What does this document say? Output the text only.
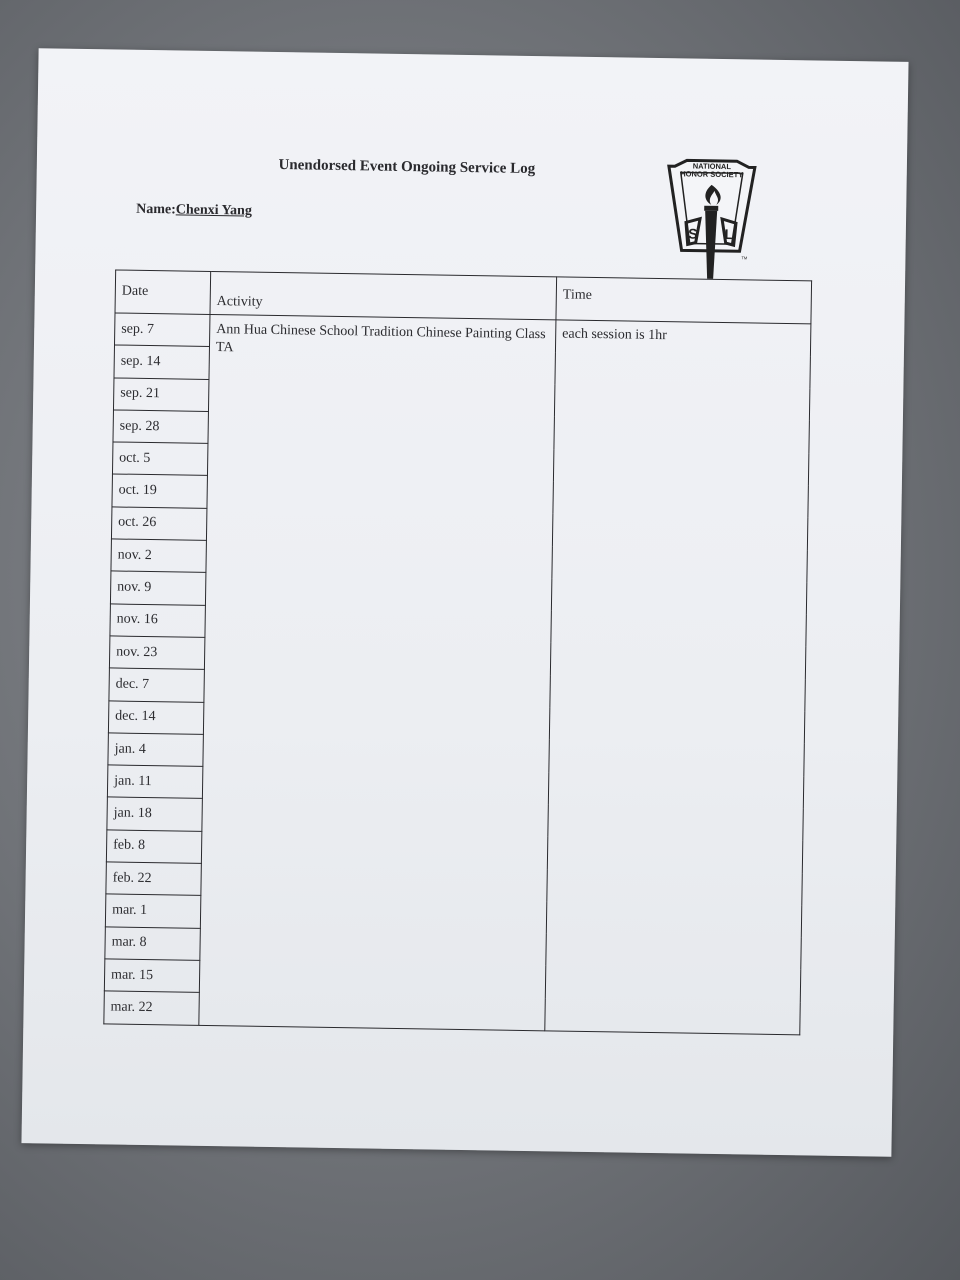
Unendorsed Event Ongoing Service Log
Name:Chenxi Yang
NATIONAL
HONOR SOCIETY
S L
TM
Date	Activity	Time
sep. 7	Ann Hua Chinese School Tradition Chinese Painting Class TA	each session is 1hr
sep. 14		
sep. 21		
sep. 28		
oct. 5		
oct. 19		
oct. 26		
nov. 2		
nov. 9		
nov. 16		
nov. 23		
dec. 7		
dec. 14		
jan. 4		
jan. 11		
jan. 18		
feb. 8		
feb. 22		
mar. 1		
mar. 8		
mar. 15		
mar. 22		
